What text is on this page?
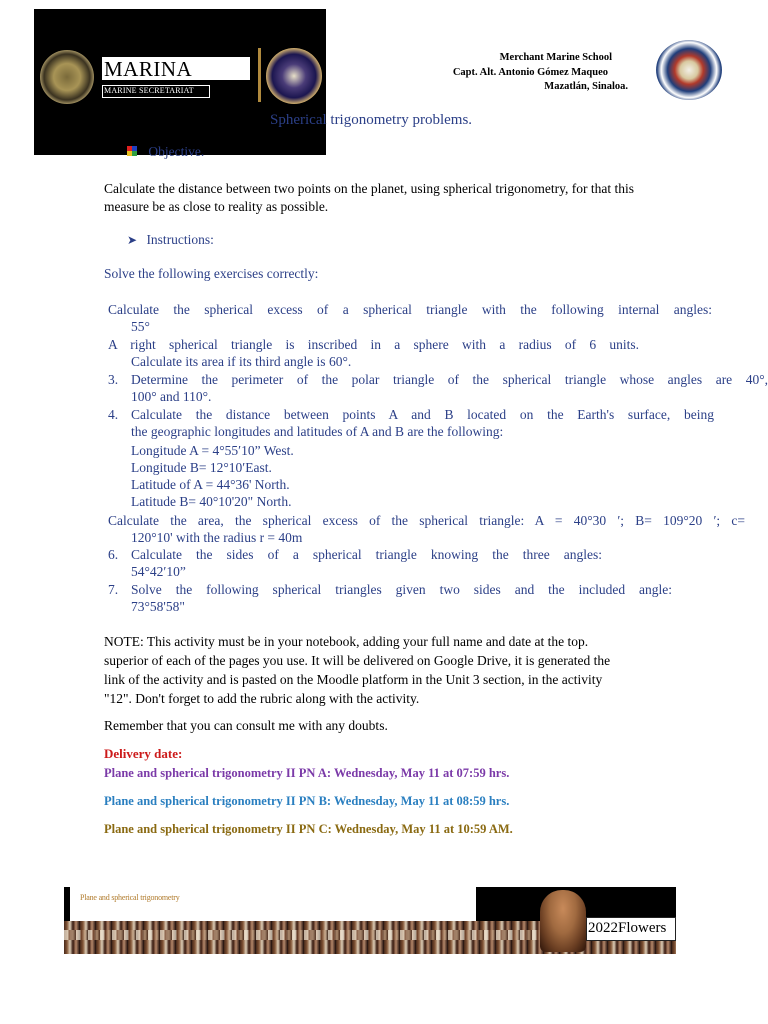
MARINA
MARINE SECRETARIAT
Merchant Marine School
Capt. Alt. Antonio Gómez Maqueo
Mazatlán, Sinaloa.
Spherical trigonometry problems.
Objective.
Calculate the distance between two points on the planet, using spherical trigonometry, for that this measure be as close to reality as possible.
➤ Instructions:
Solve the following exercises correctly:
Calculate the spherical excess of a spherical triangle with the following internal angles:
55°
A right spherical triangle is inscribed in a sphere with a radius of 6 units.
Calculate its area if its third angle is 60°.
3. Determine the perimeter of the polar triangle of the spherical triangle whose angles are 40°,
100° and 110°.
4. Calculate the distance between points A and B located on the Earth's surface, being
the geographic longitudes and latitudes of A and B are the following:
Longitude A = 4°55′10” West.
Longitude B= 12°10′East.
Latitude of A = 44°36' North.
Latitude B= 40°10'20" North.
Calculate the area, the spherical excess of the spherical triangle: A = 40°30 ′; B= 109°20 ′; c=
120°10' with the radius r = 40m
6. Calculate the sides of a spherical triangle knowing the three angles:
54°42′10”
7. Solve the following spherical triangles given two sides and the included angle:
73°58'58"
NOTE: This activity must be in your notebook, adding your full name and date at the top.
superior of each of the pages you use. It will be delivered on Google Drive, it is generated the
link of the activity and is pasted on the Moodle platform in the Unit 3 section, in the activity
"12". Don't forget to add the rubric along with the activity.
Remember that you can consult me with any doubts.
Delivery date:
Plane and spherical trigonometry II PN A: Wednesday, May 11 at 07:59 hrs.
Plane and spherical trigonometry II PN B: Wednesday, May 11 at 08:59 hrs.
Plane and spherical trigonometry II PN C: Wednesday, May 11 at 10:59 AM.
Plane and spherical trigonometry
2022Flowers
